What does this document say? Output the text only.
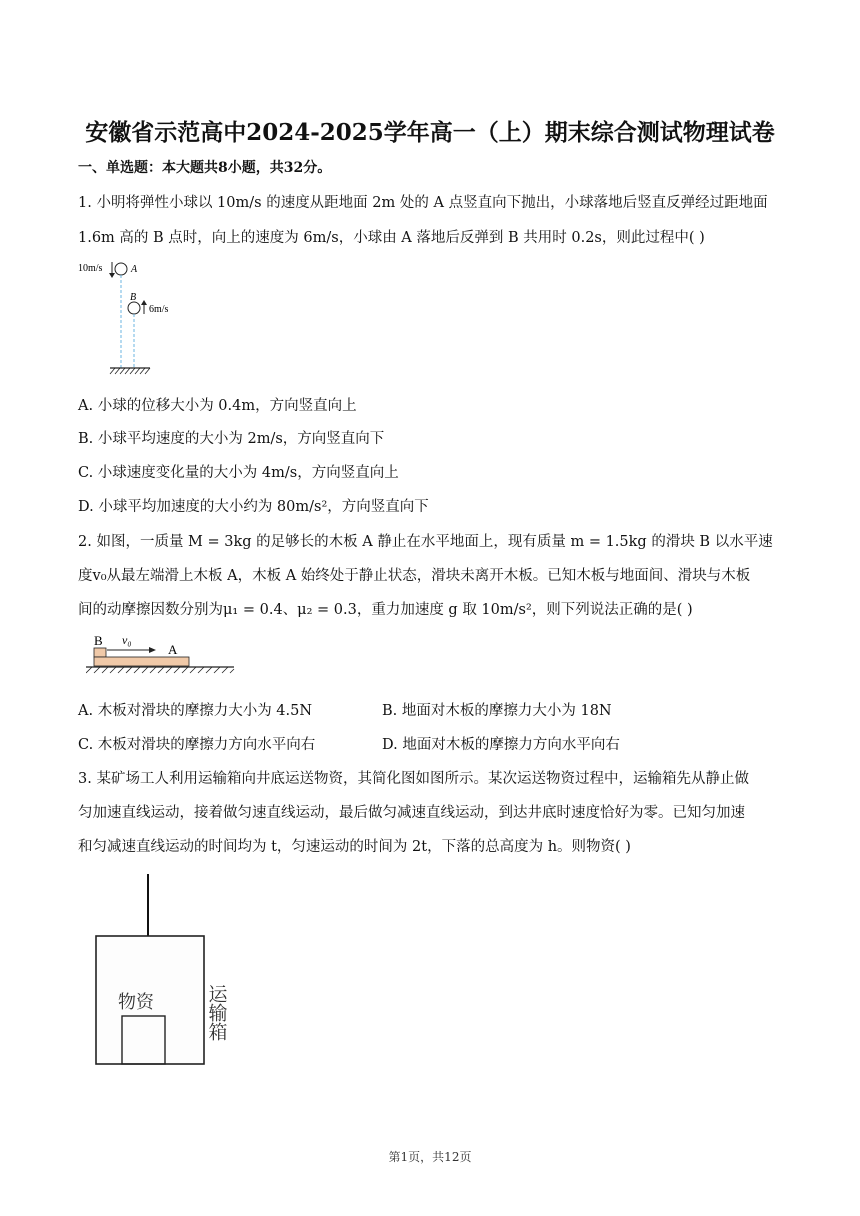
安徽省示范高中2024-2025学年高一（上）期末综合测试物理试卷
一、单选题：本大题共8小题，共32分。
1. 小明将弹性小球以 10m/s 的速度从距地面 2m 处的 A 点竖直向下抛出，小球落地后竖直反弹经过距地面
1.6m 高的 B 点时，向上的速度为 6m/s，小球由 A 落地后反弹到 B 共用时 0.2s，则此过程中( )
10m/s	A
B
6m/s
A. 小球的位移大小为 0.4m，方向竖直向上
B. 小球平均速度的大小为 2m/s，方向竖直向下
C. 小球速度变化量的大小为 4m/s，方向竖直向上
D. 小球平均加速度的大小约为 80m/s²，方向竖直向下
2. 如图，一质量 M = 3kg 的足够长的木板 A 静止在水平地面上，现有质量 m = 1.5kg 的滑块 B 以水平速
度v₀从最左端滑上木板 A，木板 A 始终处于静止状态，滑块未离开木板。已知木板与地面间、滑块与木板
间的动摩擦因数分别为μ₁ = 0.4、μ₂ = 0.3，重力加速度 g 取 10m/s²，则下列说法正确的是( )
B v₀
A
A. 木板对滑块的摩擦力大小为 4.5N	B. 地面对木板的摩擦力大小为 18N
C. 木板对滑块的摩擦力方向水平向右	D. 地面对木板的摩擦力方向水平向右
3. 某矿场工人利用运输箱向井底运送物资，其简化图如图所示。某次运送物资过程中，运输箱先从静止做
匀加速直线运动，接着做匀速直线运动，最后做匀减速直线运动，到达井底时速度恰好为零。已知匀加速
和匀减速直线运动的时间均为 t，匀速运动的时间为 2t，下落的总高度为 h。则物资( )
物资	运输箱
第1页，共12页
